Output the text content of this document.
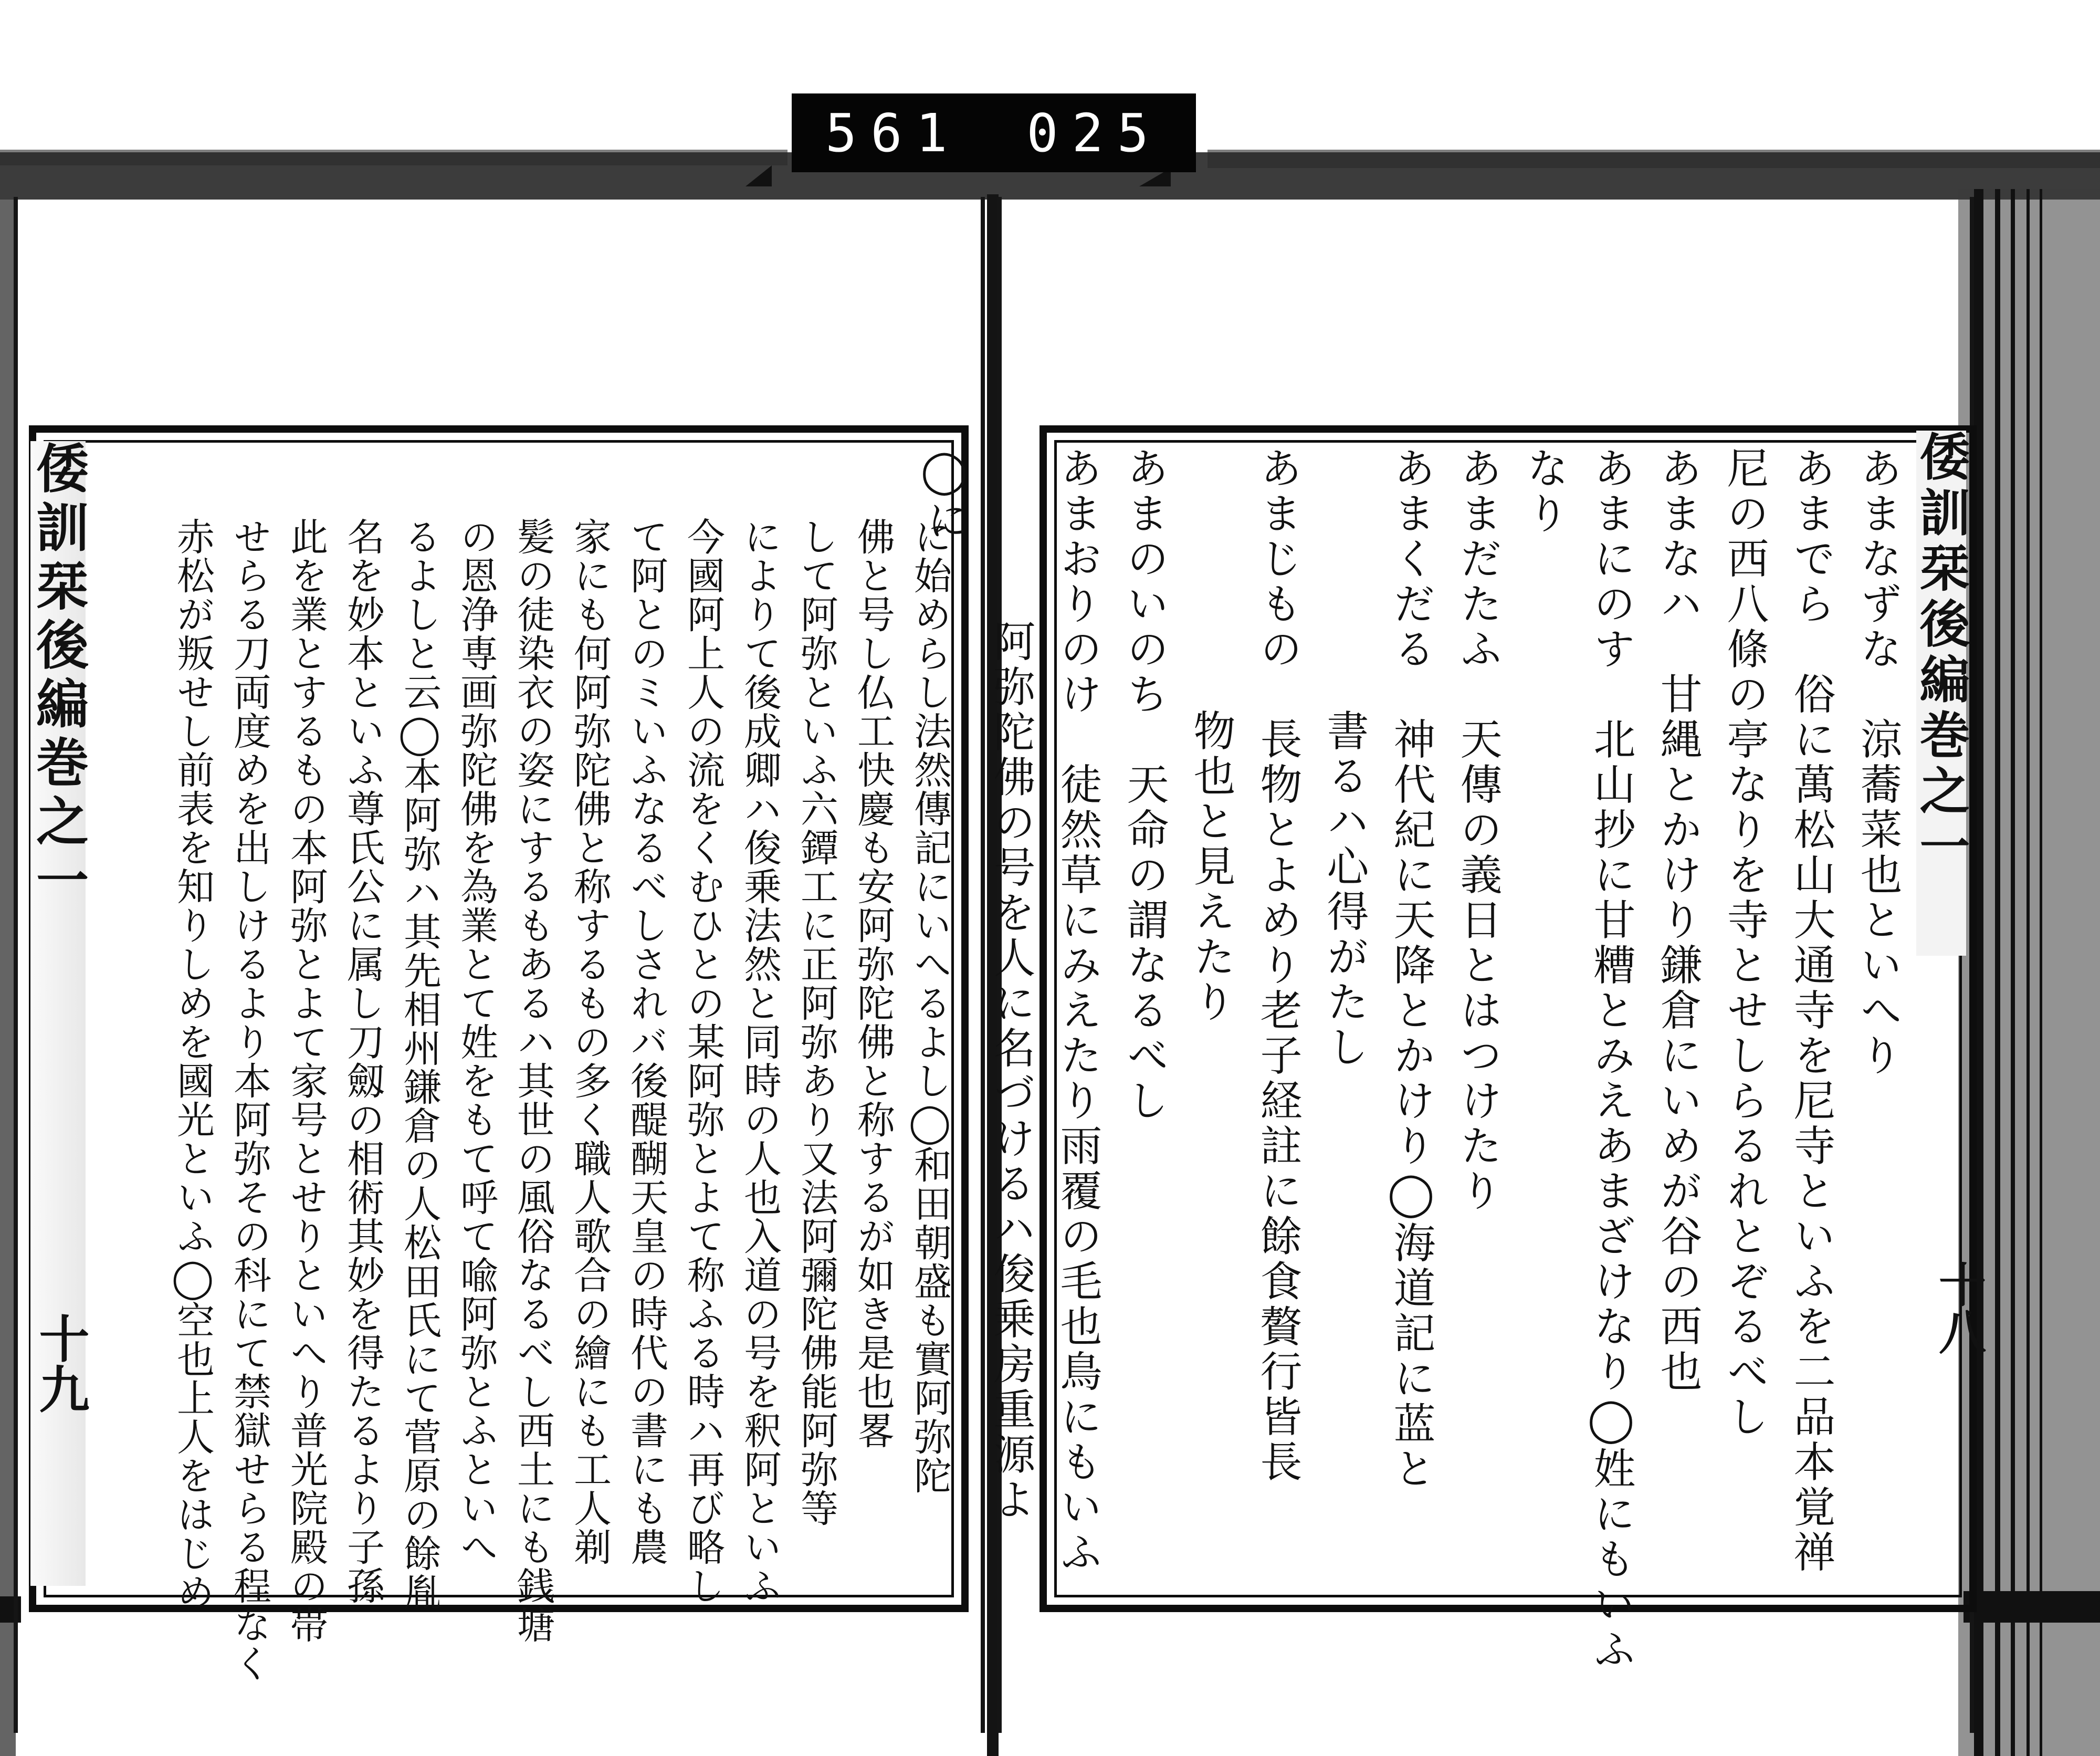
561 025
倭訓栞後編巻之一
十九
倭訓栞後編巻之一
十八
に始めらし法然傳記にいへるよし◯和田朝盛も實阿弥陀
佛と号し仏工快慶も安阿弥陀佛と称するが如き是也畧
して阿弥といふ六鐔工に正阿弥あり又法阿彌陀佛能阿弥等
によりて後成卿ハ俊乗法然と同時の人也入道の号を釈阿といふ
今國阿上人の流をくむひとの某阿弥とよて称ふる時ハ再び略し
て阿とのミいふなるべしされバ後醍醐天皇の時代の書にも農
家にも何阿弥陀佛と称するもの多く職人歌合の繪にも工人剃
髪の徒染衣の姿にするもあるハ其世の風俗なるべし西土にも銭塘
の恩浄専画弥陀佛を為業とて姓をもて呼て喩阿弥とふといへ
るよしと云◯本阿弥ハ其先相州鎌倉の人松田氏にて菅原の餘胤
名を妙本といふ尊氏公に属し刀劔の相術其妙を得たるより子孫
此を業とするもの本阿弥とよて家号とせりといへり普光院殿の帯
せらる刀両度めを出しけるより本阿弥その科にて禁獄せらる程なく
赤松が叛せし前表を知りしめを國光といふ◯空也上人をはじめ	あまなずな　涼蕎菜也といへり
あまでら　俗に萬松山大通寺を尼寺といふを二品本覚禅
尼の西八條の亭なりを寺とせしらるれとぞるべし
あまなハ　甘縄とかけり鎌倉にいめが谷の西也
あまにのす　北山抄に甘糟とみえあまざけなり◯姓にもいふ
なり
あまだたふ　天傳の義日とはつけたり
あまくだる　神代紀に天降とかけり◯海道記に蓝と
書るハ心得がたし
あまじもの　長物とよめり老子経註に餘食贅行皆長
物也と見えたり
あまのいのち　天命の謂なるべし
あまおりのけ　徒然草にみえたり雨覆の毛也鳥にもいふ
阿弥陀佛の号を人に名づけるハ俊乗房重源よ
◯に
